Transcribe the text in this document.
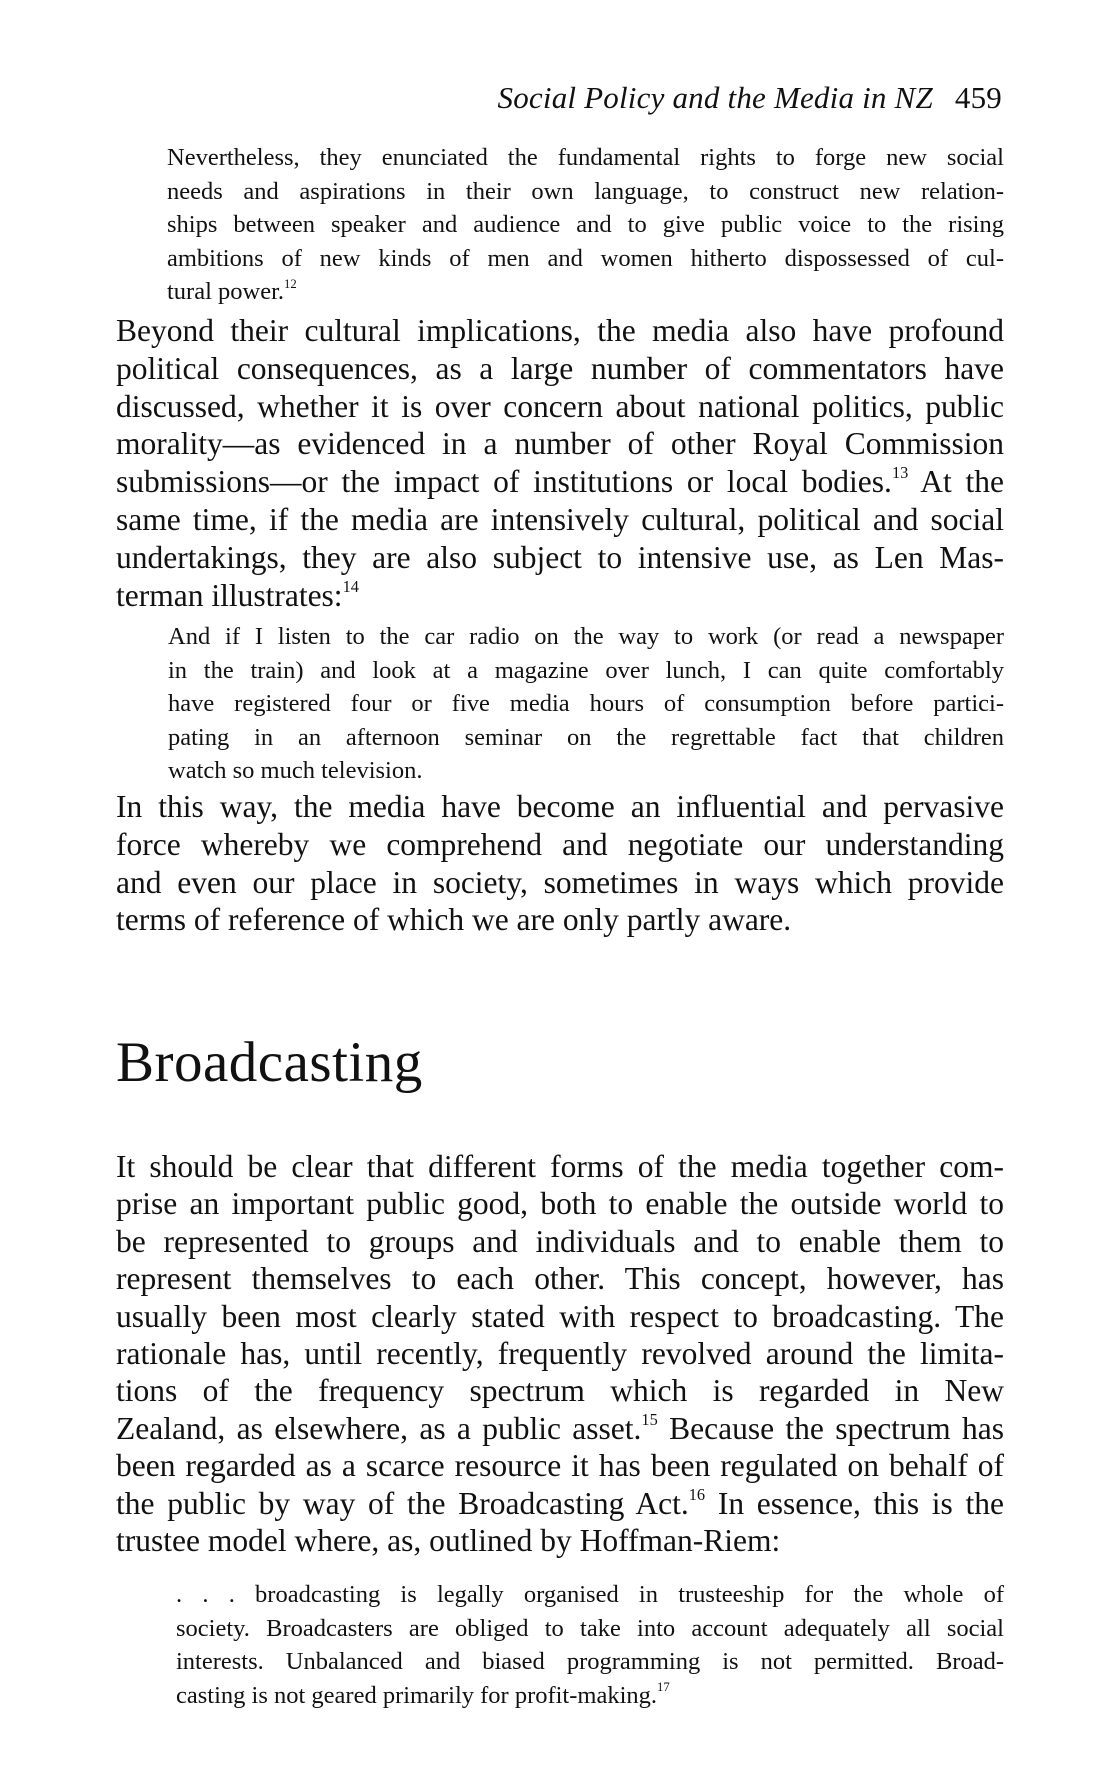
Social Policy and the Media in NZ 459
Nevertheless, they enunciated the fundamental rights to forge new social
needs and aspirations in their own language, to construct new relation-
ships between speaker and audience and to give public voice to the rising
ambitions of new kinds of men and women hitherto dispossessed of cul-
tural power.$^{12}$
Beyond their cultural implications, the media also have profound
political consequences, as a large number of commentators have
discussed, whether it is over concern about national politics, public
morality—as evidenced in a number of other Royal Commission
submissions—or the impact of institutions or local bodies.$^{13}$ At the
same time, if the media are intensively cultural, political and social
undertakings, they are also subject to intensive use, as Len Mas-
terman illustrates:$^{14}$
And if I listen to the car radio on the way to work (or read a newspaper
in the train) and look at a magazine over lunch, I can quite comfortably
have registered four or five media hours of consumption before partici-
pating in an afternoon seminar on the regrettable fact that children
watch so much television.
In this way, the media have become an influential and pervasive
force whereby we comprehend and negotiate our understanding
and even our place in society, sometimes in ways which provide
terms of reference of which we are only partly aware.
Broadcasting
It should be clear that different forms of the media together com-
prise an important public good, both to enable the outside world to
be represented to groups and individuals and to enable them to
represent themselves to each other. This concept, however, has
usually been most clearly stated with respect to broadcasting. The
rationale has, until recently, frequently revolved around the limita-
tions of the frequency spectrum which is regarded in New
Zealand, as elsewhere, as a public asset.$^{15}$ Because the spectrum has
been regarded as a scarce resource it has been regulated on behalf of
the public by way of the Broadcasting Act.$^{16}$ In essence, this is the
trustee model where, as, outlined by Hoffman-Riem:
. . . broadcasting is legally organised in trusteeship for the whole of
society. Broadcasters are obliged to take into account adequately all social
interests. Unbalanced and biased programming is not permitted. Broad-
casting is not geared primarily for profit-making.$^{17}$
